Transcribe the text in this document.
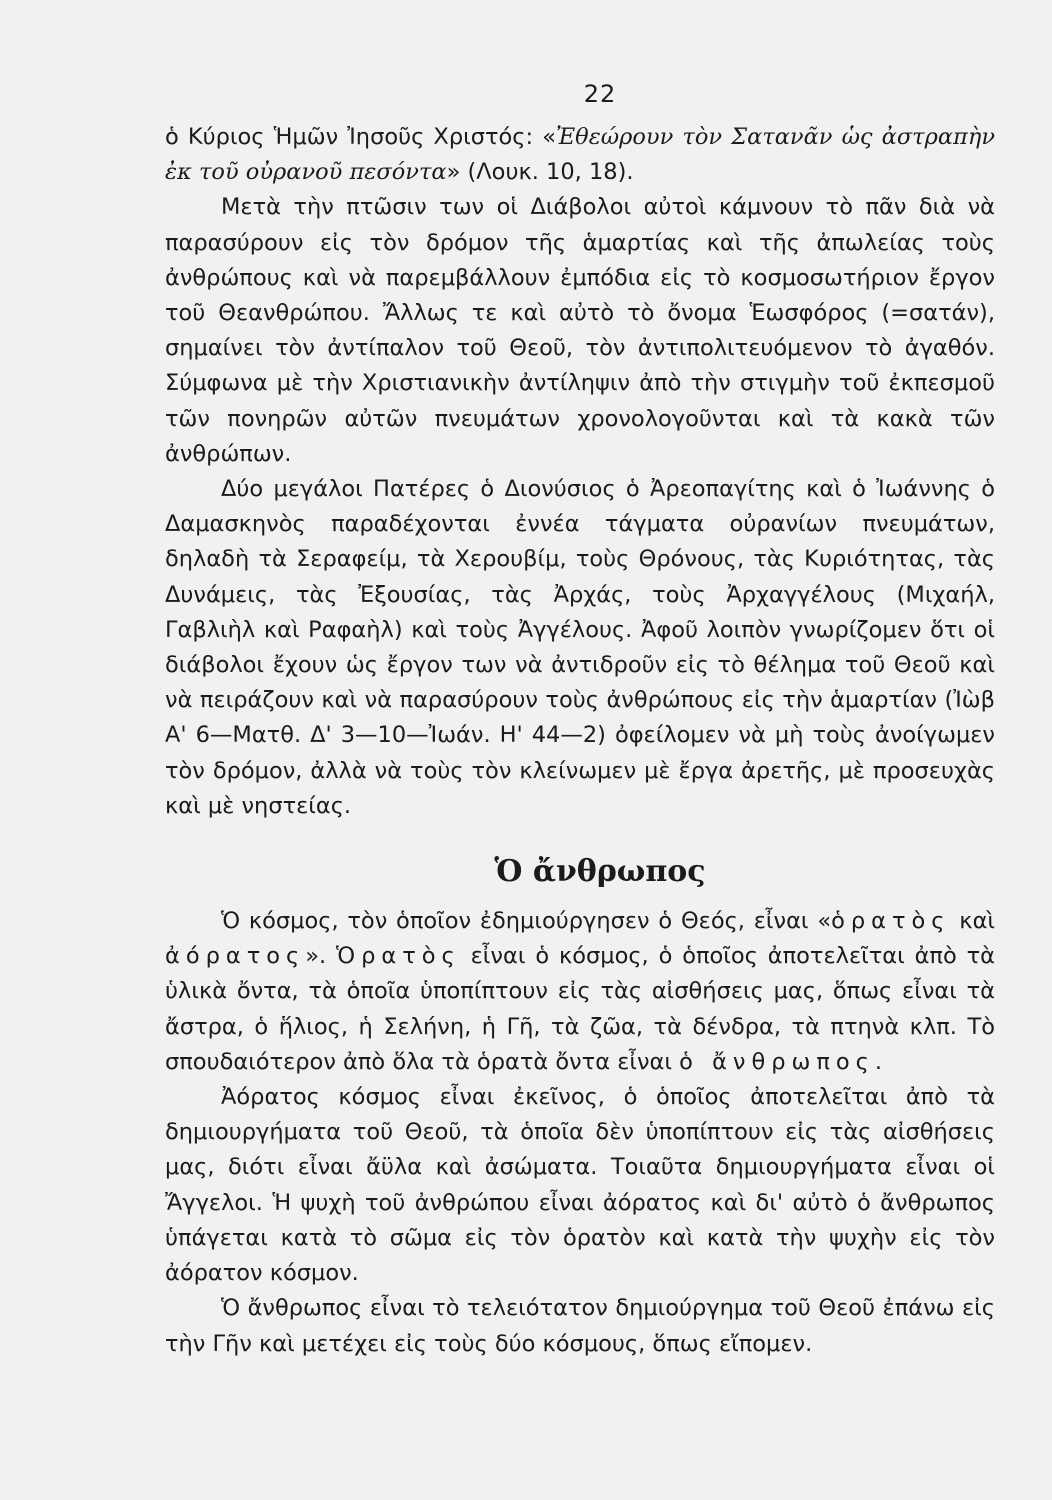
22

ὁ Κύριος Ἡμῶν Ἰησοῦς Χριστός: «Ἐθεώρουν τὸν Σατανᾶν ὡς ἀστραπὴν ἐκ τοῦ οὐρανοῦ πεσόντα» (Λουκ. 10, 18).

Μετὰ τὴν πτῶσιν των οἱ Διάβολοι αὐτοὶ κάμνουν τὸ πᾶν διὰ νὰ παρασύρουν εἰς τὸν δρόμον τῆς ἁμαρτίας καὶ τῆς ἀπωλείας τοὺς ἀνθρώπους καὶ νὰ παρεμβάλλουν ἐμπόδια εἰς τὸ κοσμοσωτήριον ἔργον τοῦ Θεανθρώπου. Ἄλλως τε καὶ αὐτὸ τὸ ὄνομα Ἑωσφόρος (=σατάν), σημαίνει τὸν ἀντίπαλον τοῦ Θεοῦ, τὸν ἀντιπολιτευόμενον τὸ ἀγαθόν. Σύμφωνα μὲ τὴν Χριστιανικὴν ἀντίληψιν ἀπὸ τὴν στιγμὴν τοῦ ἐκπεσμοῦ τῶν πονηρῶν αὐτῶν πνευμάτων χρονολογοῦνται καὶ τὰ κακὰ τῶν ἀνθρώπων.

Δύο μεγάλοι Πατέρες ὁ Διονύσιος ὁ Ἀρεοπαγίτης καὶ ὁ Ἰωάννης ὁ Δαμασκηνὸς παραδέχονται ἐννέα τάγματα οὐρανίων πνευμάτων, δηλαδὴ τὰ Σεραφείμ, τὰ Χερουβίμ, τοὺς Θρόνους, τὰς Κυριότητας, τὰς Δυνάμεις, τὰς Ἐξουσίας, τὰς Ἀρχάς, τοὺς Ἀρχαγγέλους (Μιχαήλ, Γαβλιὴλ καὶ Ραφαὴλ) καὶ τοὺς Ἀγγέλους. Ἀφοῦ λοιπὸν γνωρίζομεν ὅτι οἱ διάβολοι ἔχουν ὡς ἔργον των νὰ ἀντιδροῦν εἰς τὸ θέλημα τοῦ Θεοῦ καὶ νὰ πειράζουν καὶ νὰ παρασύρουν τοὺς ἀνθρώπους εἰς τὴν ἁμαρτίαν (Ἰὼβ Α' 6—Ματθ. Δ' 3—10—Ἰωάν. Η' 44—2) ὀφείλομεν νὰ μὴ τοὺς ἀνοίγωμεν τὸν δρόμον, ἀλλὰ νὰ τοὺς τὸν κλείνωμεν μὲ ἔργα ἀρετῆς, μὲ προσευχὰς καὶ μὲ νηστείας.

Ὁ ἄνθρωπος

Ὁ κόσμος, τὸν ὁποῖον ἐδημιούργησεν ὁ Θεός, εἶναι «ὁρατὸς καὶ ἀόρατος». Ὁρατὸς εἶναι ὁ κόσμος, ὁ ὁποῖος ἀποτελεῖται ἀπὸ τὰ ὑλικὰ ὄντα, τὰ ὁποῖα ὑποπίπτουν εἰς τὰς αἰσθήσεις μας, ὅπως εἶναι τὰ ἄστρα, ὁ ἥλιος, ἡ Σελήνη, ἡ Γῆ, τὰ ζῶα, τὰ δένδρα, τὰ πτηνὰ κλπ. Τὸ σπουδαιότερον ἀπὸ ὅλα τὰ ὁρατὰ ὄντα εἶναι ὁ ἄνθρωπος.

Ἀόρατος κόσμος εἶναι ἐκεῖνος, ὁ ὁποῖος ἀποτελεῖται ἀπὸ τὰ δημιουργήματα τοῦ Θεοῦ, τὰ ὁποῖα δὲν ὑποπίπτουν εἰς τὰς αἰσθήσεις μας, διότι εἶναι ἄϋλα καὶ ἀσώματα. Τοιαῦτα δημιουργήματα εἶναι οἱ Ἄγγελοι. Ἡ ψυχὴ τοῦ ἀνθρώπου εἶναι ἀόρατος καὶ δι' αὐτὸ ὁ ἄνθρωπος ὑπάγεται κατὰ τὸ σῶμα εἰς τὸν ὁρατὸν καὶ κατὰ τὴν ψυχὴν εἰς τὸν ἀόρατον κόσμον.

Ὁ ἄνθρωπος εἶναι τὸ τελειότατον δημιούργημα τοῦ Θεοῦ ἐπάνω εἰς τὴν Γῆν καὶ μετέχει εἰς τοὺς δύο κόσμους, ὅπως εἴπομεν.
